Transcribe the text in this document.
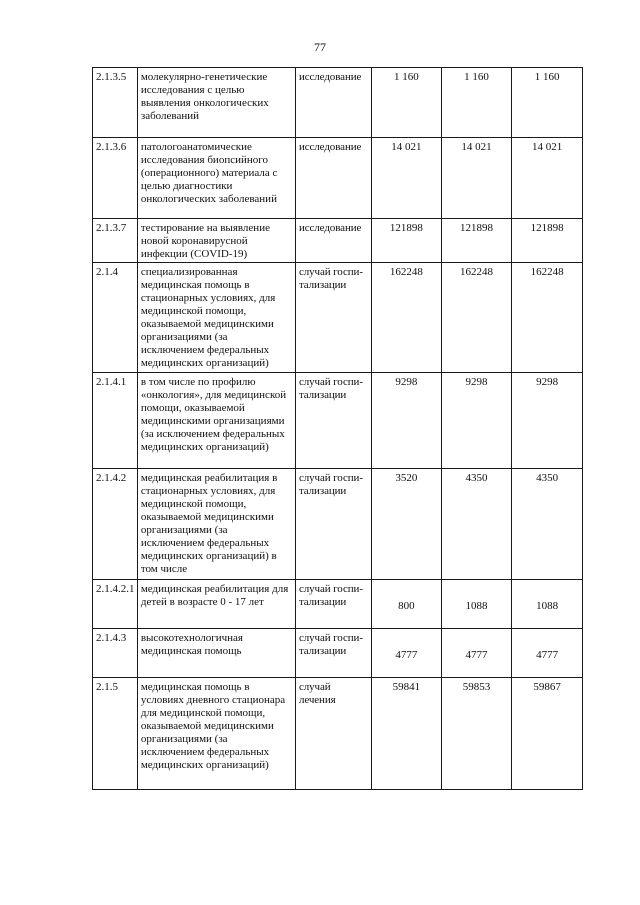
77
2.1.3.5	молекулярно-генетические исследования с целью выявления онкологических заболеваний	исследование	1 160	1 160	1 160
2.1.3.6	патологоанатомические исследования биопсийного (операционного) материала с целью диагностики онкологических заболеваний	исследование	14 021	14 021	14 021
2.1.3.7	тестирование на выявление новой коронавирусной инфекции (COVID-19)	исследование	121898	121898	121898
2.1.4	специализированная медицинская помощь в стационарных условиях, для медицинской помощи, оказываемой медицинскими организациями (за исключением федеральных медицинских организаций)	случай госпи-тализации	162248	162248	162248
2.1.4.1	в том числе по профилю «онкология», для медицинской помощи, оказываемой медицинскими организациями (за исключением федеральных медицинских организаций)	случай госпи-тализации	9298	9298	9298
2.1.4.2	медицинская реабилитация в стационарных условиях, для медицинской помощи, оказываемой медицинскими организациями (за исключением федеральных медицинских организаций) в том числе	случай госпи-тализации	3520	4350	4350
2.1.4.2.1	медицинская реабилитация для детей в возрасте 0 - 17 лет	случай госпи-тализации	800	1088	1088
2.1.4.3	высокотехнологичная медицинская помощь	случай госпи-тализации	4777	4777	4777
2.1.5	медицинская помощь в условиях дневного стационара для медицинской помощи, оказываемой медицинскими организациями (за исключением федеральных медицинских организаций)	случай лечения	59841	59853	59867
